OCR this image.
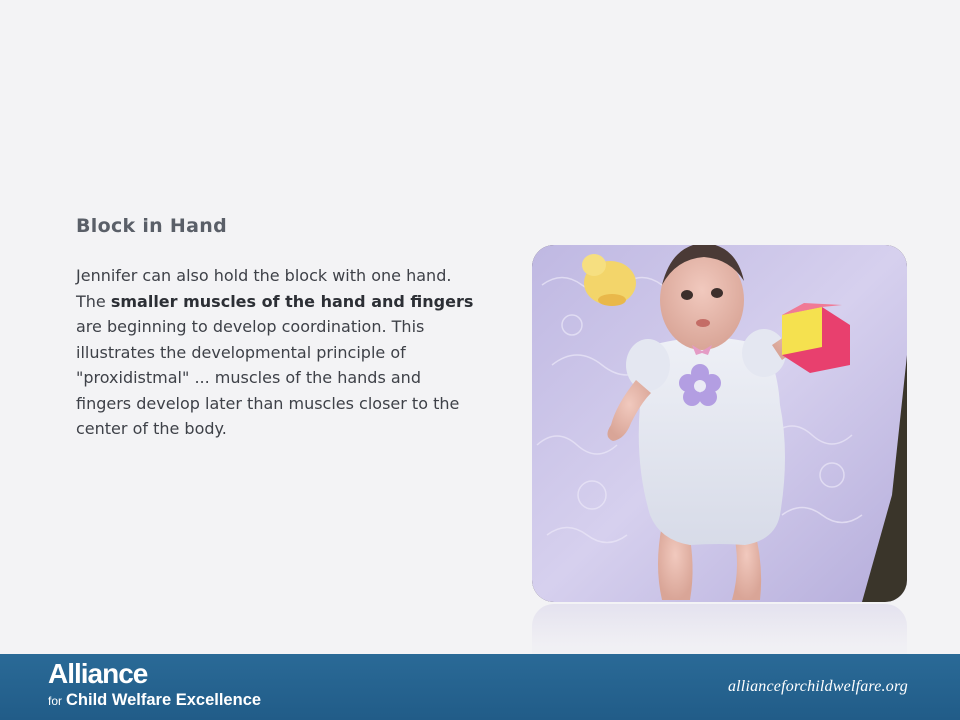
Block in Hand
Jennifer can also hold the block with one hand. The smaller muscles of the hand and fingers are beginning to develop coordination. This illustrates the developmental principle of "proxidistmal" ... muscles of the hands and fingers develop later than muscles closer to the center of the body.
Alliance
for Child Welfare Excellence
allianceforchildwelfare.org
